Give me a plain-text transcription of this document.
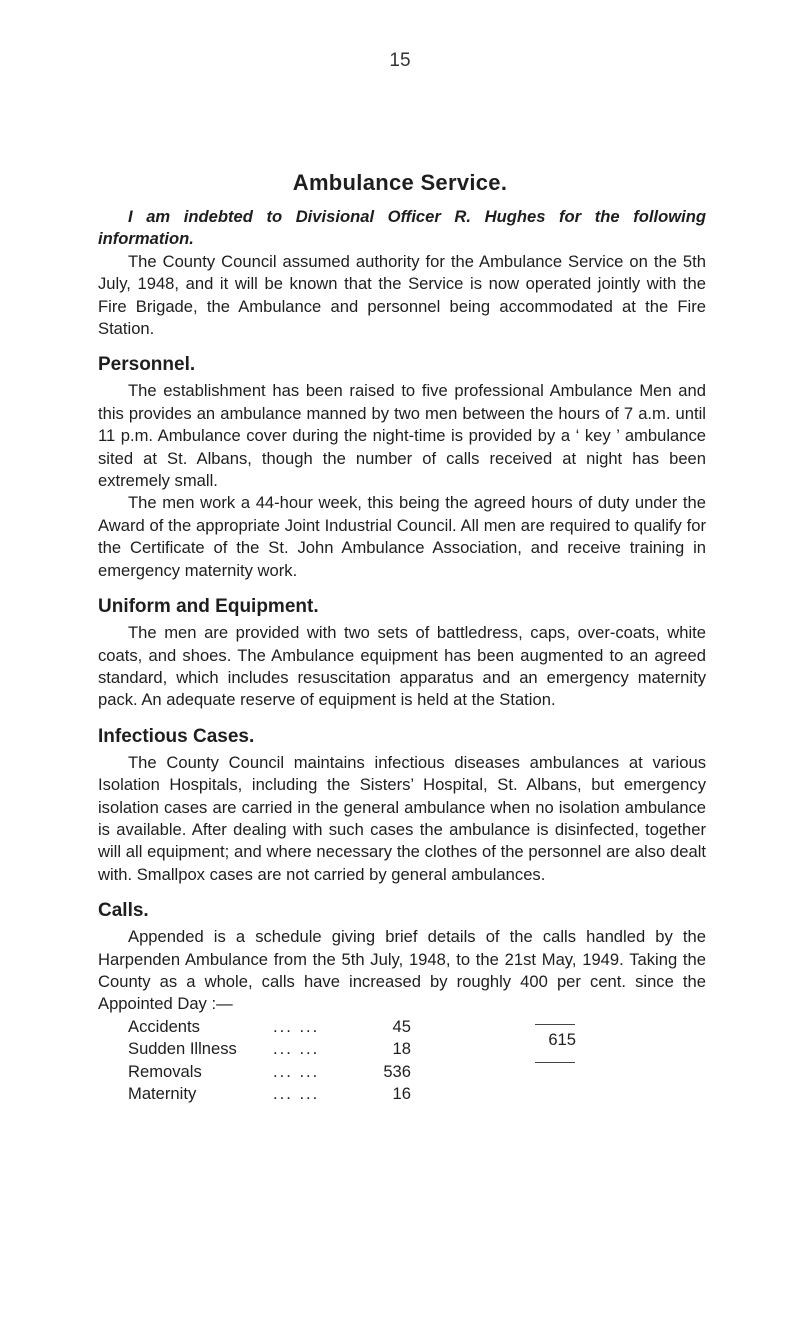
15
Ambulance Service.

I am indebted to Divisional Officer R. Hughes for the following information.

The County Council assumed authority for the Ambulance Service on the 5th July, 1948, and it will be known that the Service is now operated jointly with the Fire Brigade, the Ambulance and personnel being accommodated at the Fire Station.

Personnel.

The establishment has been raised to five professional Ambulance Men and this provides an ambulance manned by two men between the hours of 7 a.m. until 11 p.m. Ambulance cover during the night-time is provided by a ‘ key ’ ambulance sited at St. Albans, though the number of calls received at night has been extremely small.

The men work a 44-hour week, this being the agreed hours of duty under the Award of the appropriate Joint Industrial Council. All men are required to qualify for the Certificate of the St. John Ambulance Association, and receive training in emergency maternity work.

Uniform and Equipment.

The men are provided with two sets of battledress, caps, over-coats, white coats, and shoes. The Ambulance equipment has been augmented to an agreed standard, which includes resuscitation apparatus and an emergency maternity pack. An adequate reserve of equipment is held at the Station.

Infectious Cases.

The County Council maintains infectious diseases ambulances at various Isolation Hospitals, including the Sisters’ Hospital, St. Albans, but emergency isolation cases are carried in the general ambulance when no isolation ambulance is available. After dealing with such cases the ambulance is disinfected, together will all equipment; and where necessary the clothes of the personnel are also dealt with. Smallpox cases are not carried by general ambulances.

Calls.

Appended is a schedule giving brief details of the calls handled by the Harpenden Ambulance from the 5th July, 1948, to the 21st May, 1949. Taking the County as a whole, calls have increased by roughly 400 per cent. since the Appointed Day :—

Accidents	... ...	45
Sudden Illness	... ...	18
Removals	... ...	536
Maternity	... ...	16
615
